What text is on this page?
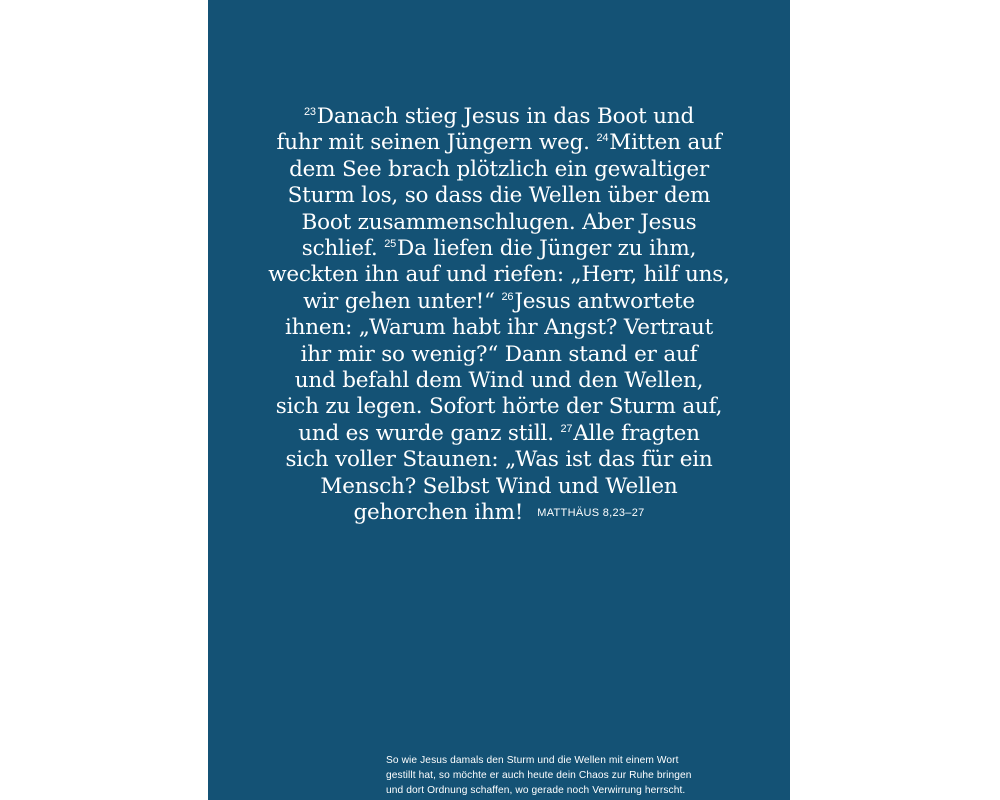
$^{23}$Danach stieg Jesus in das Boot und
fuhr mit seinen Jüngern weg. $^{24}$Mitten auf
dem See brach plötzlich ein gewaltiger
Sturm los, so dass die Wellen über dem
Boot zusammenschlugen. Aber Jesus
schlief. $^{25}$Da liefen die Jünger zu ihm,
weckten ihn auf und riefen: „Herr, hilf uns,
wir gehen unter!“ $^{26}$Jesus antwortete
ihnen: „Warum habt ihr Angst? Vertraut
ihr mir so wenig?“ Dann stand er auf
und befahl dem Wind und den Wellen,
sich zu legen. Sofort hörte der Sturm auf,
und es wurde ganz still. $^{27}$Alle fragten
sich voller Staunen: „Was ist das für ein
Mensch? Selbst Wind und Wellen
gehorchen ihm! MATTHÄUS 8,23–27
So wie Jesus damals den Sturm und die Wellen mit einem Wort
gestillt hat, so möchte er auch heute dein Chaos zur Ruhe bringen
und dort Ordnung schaffen, wo gerade noch Verwirrung herrscht.
